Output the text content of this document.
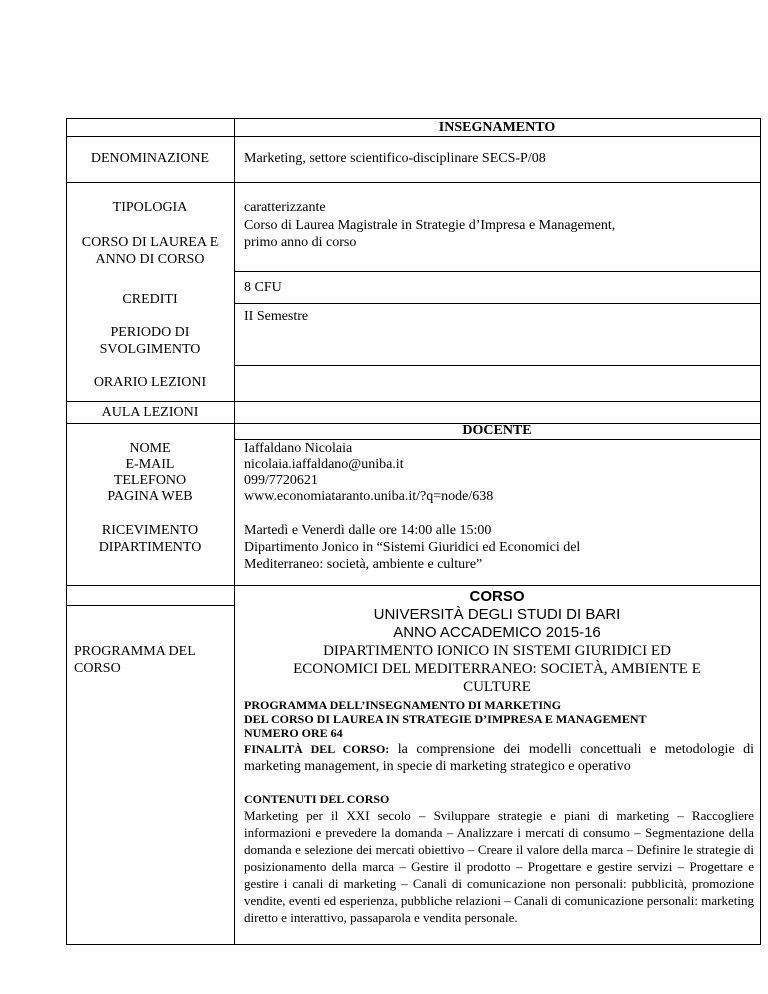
INSEGNAMENTO
DENOMINAZIONE	Marketing, settore scientifico-disciplinare SECS-P/08
TIPOLOGIA	caratterizzante
CORSO DI LAUREA E
ANNO DI CORSO
Corso di Laurea Magistrale in Strategie d’Impresa e Management,
primo anno di corso
8 CFU
CREDITI
II Semestre
PERIODO DI
SVOLGIMENTO
ORARIO LEZIONI
AULA LEZIONI
DOCENTE
NOME
E-MAIL
TELEFONO
PAGINA WEB
Iaffaldano Nicolaia
nicolaia.iaffaldano@uniba.it
099/7720621
www.economiataranto.uniba.it/?q=node/638
RICEVIMENTO
DIPARTIMENTO
Martedì e Venerdì dalle ore 14:00 alle 15:00
Dipartimento Jonico in “Sistemi Giuridici ed Economici del
Mediterraneo: società, ambiente e culture”
CORSO
UNIVERSITÀ DEGLI STUDI DI BARI
ANNO ACCADEMICO 2015-16
DIPARTIMENTO IONICO IN SISTEMI GIURIDICI ED
ECONOMICI DEL MEDITERRANEO: SOCIETÀ, AMBIENTE E
CULTURE
PROGRAMMA DEL
CORSO
PROGRAMMA DELL’INSEGNAMENTO DI MARKETING
DEL CORSO DI LAUREA IN STRATEGIE D’IMPRESA E MANAGEMENT
NUMERO ORE 64
FINALITÀ DEL CORSO: la comprensione dei modelli concettuali e metodologie di marketing management, in specie di marketing strategico e operativo
CONTENUTI DEL CORSO
Marketing per il XXI secolo – Sviluppare strategie e piani di marketing – Raccogliere informazioni e prevedere la domanda – Analizzare i mercati di consumo – Segmentazione della domanda e selezione dei mercati obiettivo – Creare il valore della marca – Definire le strategie di posizionamento della marca – Gestire il prodotto – Progettare e gestire servizi – Progettare e gestire i canali di marketing – Canali di comunicazione non personali: pubblicità, promozione vendite, eventi ed esperienza, pubbliche relazioni – Canali di comunicazione personali: marketing diretto e interattivo, passaparola e vendita personale.
